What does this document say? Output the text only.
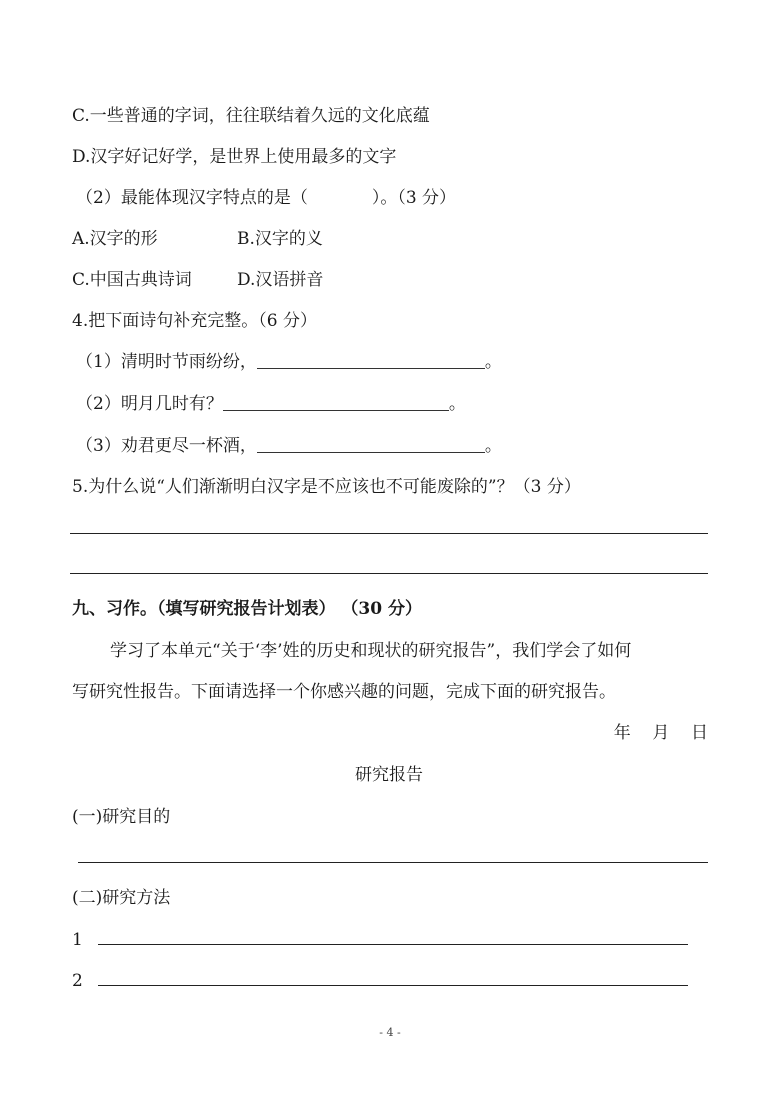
C.一些普通的字词，往往联结着久远的文化底蕴
D.汉字好记好学，是世界上使用最多的文字
（2）最能体现汉字特点的是（	）。（3 分）
A.汉字的形	B.汉字的义
C.中国古典诗词	D.汉语拼音
4.把下面诗句补充完整。（6 分）
（1）清明时节雨纷纷，	。
（2）明月几时有？	。
（3）劝君更尽一杯酒，	。
5.为什么说“人们渐渐明白汉字是不应该也不可能废除的”？（3 分）
九、习作。（填写研究报告计划表） （30 分）
学习了本单元“关于‘李’姓的历史和现状的研究报告”，我们学会了如何
写研究性报告。下面请选择一个你感兴趣的问题，完成下面的研究报告。
年    月    日
研究报告
(一)研究目的
(二)研究方法
1
2
- 4 -
